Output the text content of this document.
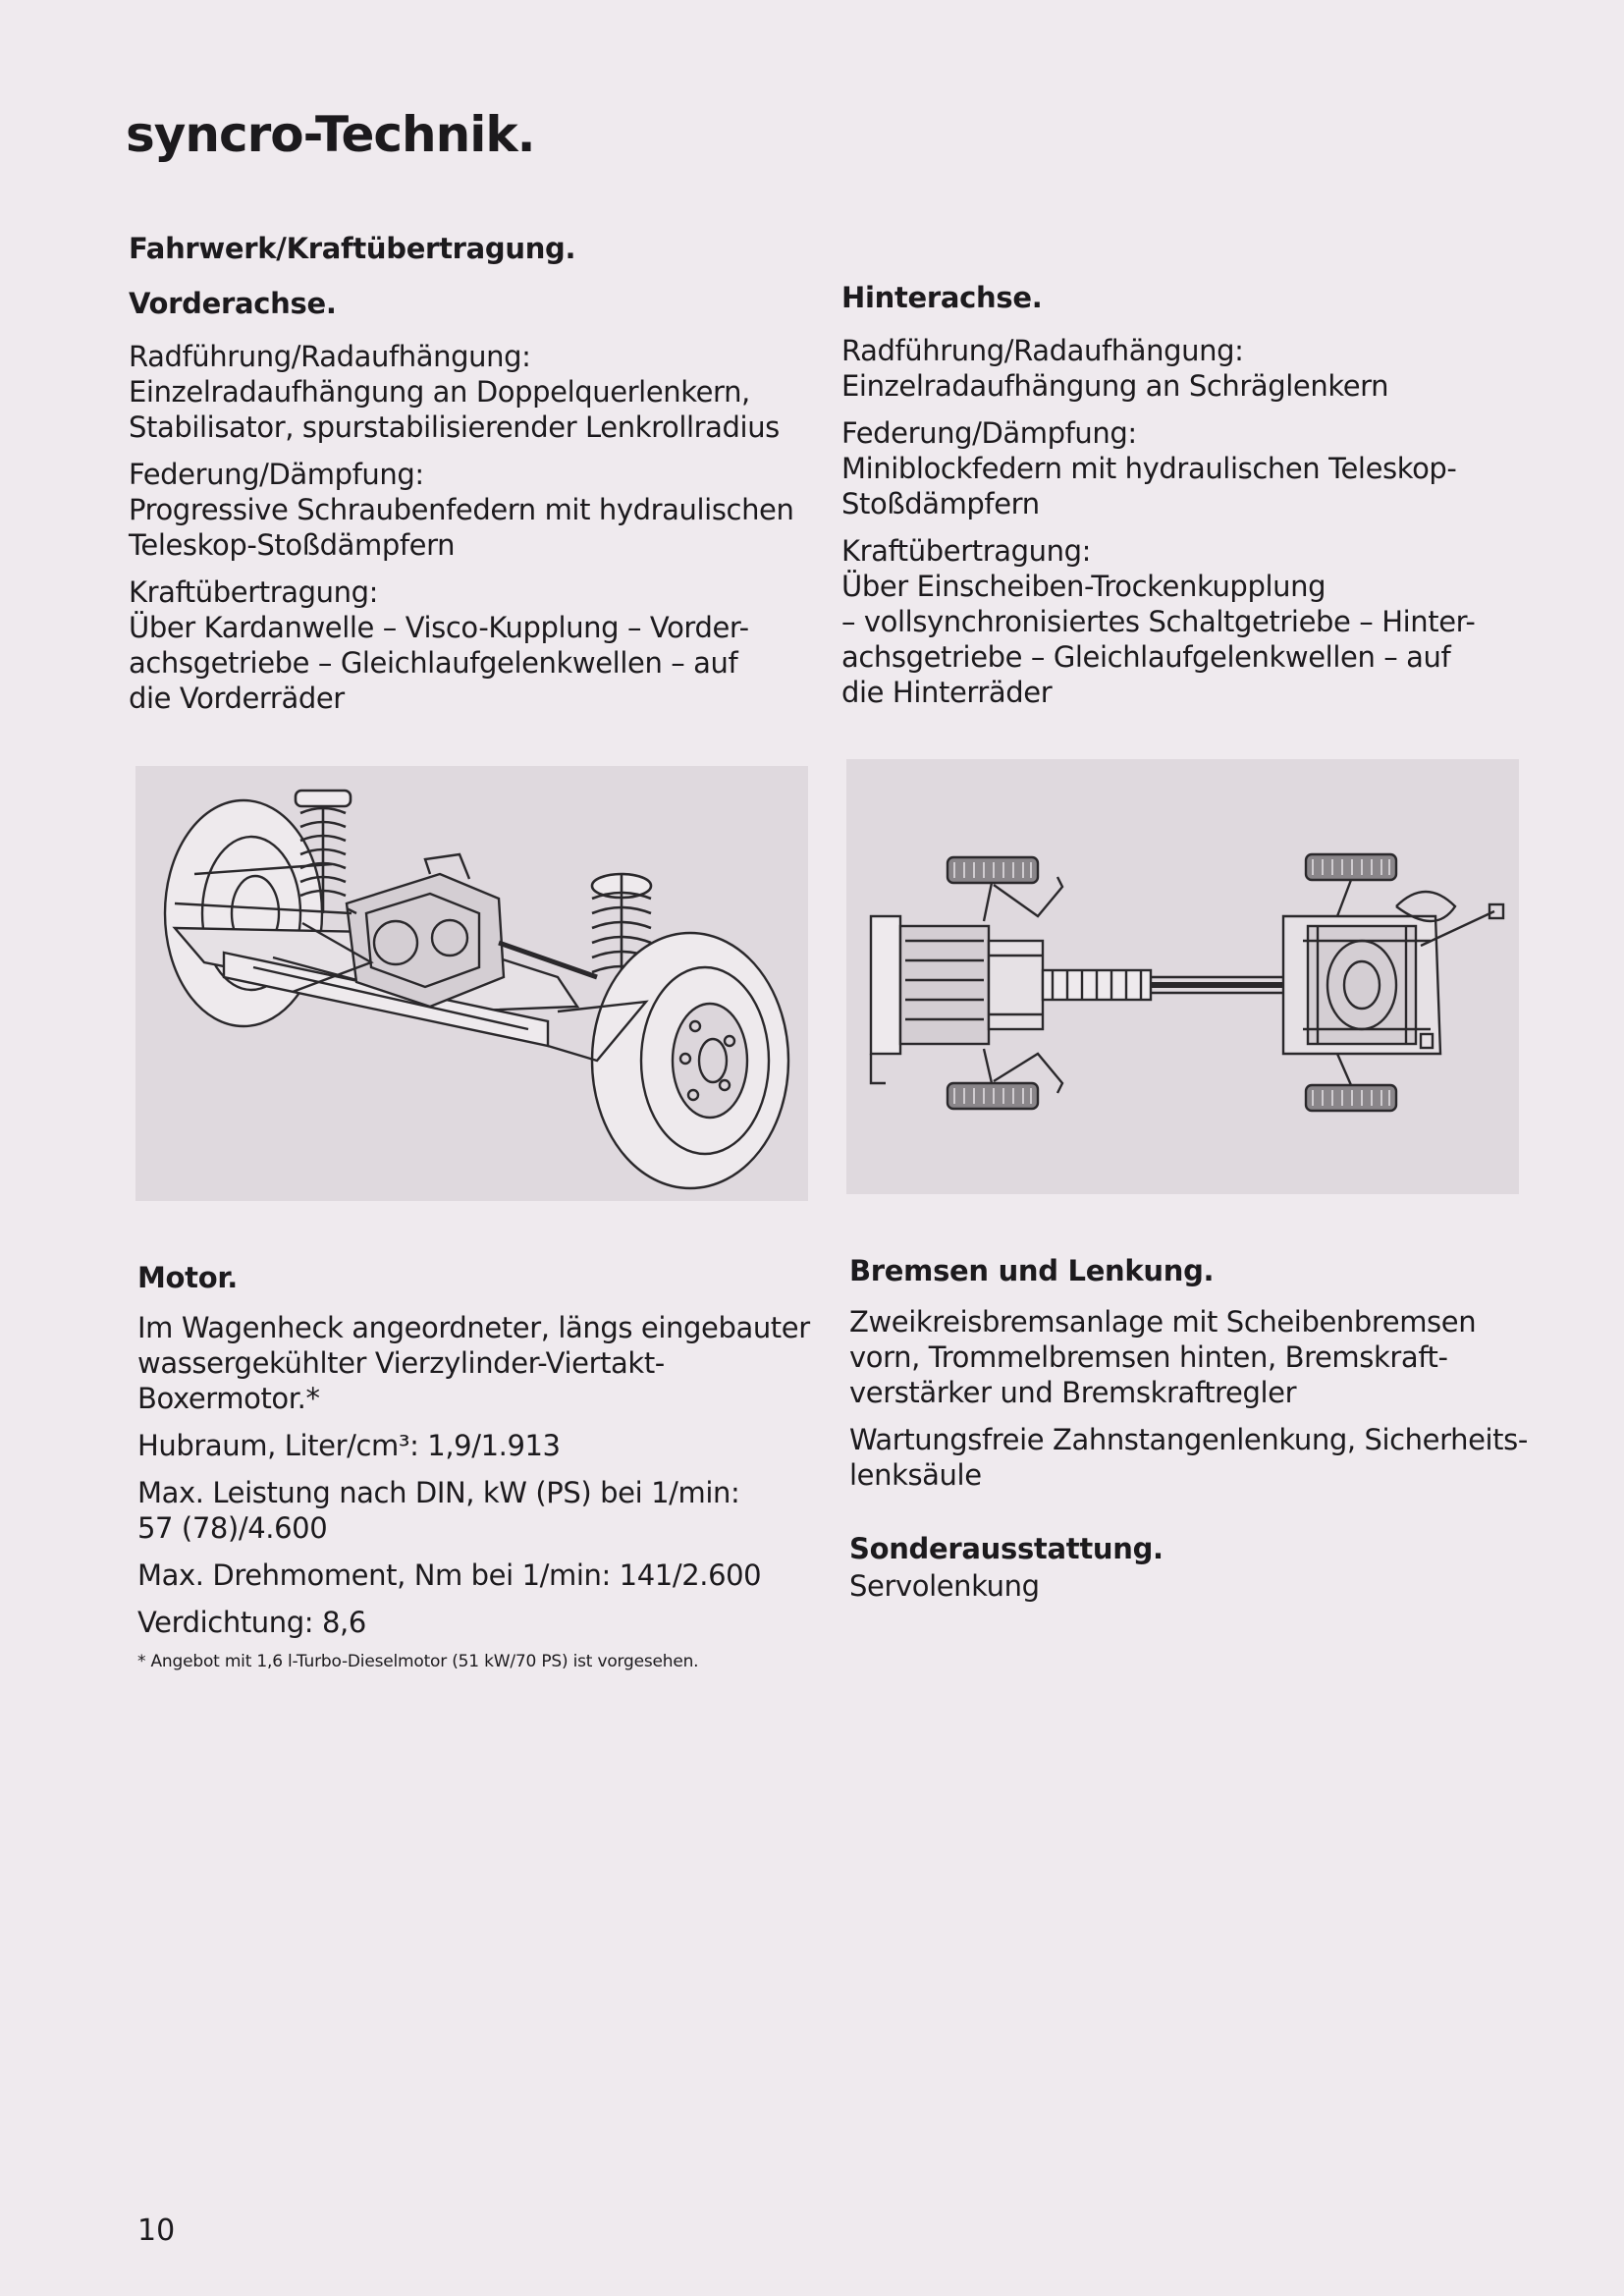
syncro-Technik.
Fahrwerk/Kraftübertragung.
Vorderachse.

Radführung/Radaufhängung:
Einzelradaufhängung an Doppelquerlenkern,
Stabilisator, spurstabilisierender Lenkrollradius

Federung/Dämpfung:
Progressive Schraubenfedern mit hydraulischen
Teleskop-Stoßdämpfern

Kraftübertragung:
Über Kardanwelle – Visco-Kupplung – Vorder-
achsgetriebe – Gleichlaufgelenkwellen – auf
die Vorderräder

Hinterachse.

Radführung/Radaufhängung:
Einzelradaufhängung an Schräglenkern

Federung/Dämpfung:
Miniblockfedern mit hydraulischen Teleskop-
Stoßdämpfern

Kraftübertragung:
Über Einscheiben-Trockenkupplung
– vollsynchronisiertes Schaltgetriebe – Hinter-
achsgetriebe – Gleichlaufgelenkwellen – auf
die Hinterräder

Motor.

Im Wagenheck angeordneter, längs eingebauter
wassergekühlter Vierzylinder-Viertakt-Boxermotor.*

Hubraum, Liter/cm³: 1,9/1.913

Max. Leistung nach DIN, kW (PS) bei 1/min:
57 (78)/4.600

Max. Drehmoment, Nm bei 1/min: 141/2.600

Verdichtung: 8,6

* Angebot mit 1,6 l-Turbo-Dieselmotor (51 kW/70 PS) ist vorgesehen.
Bremsen und Lenkung.

Zweikreisbremsanlage mit Scheibenbremsen
vorn, Trommelbremsen hinten, Bremskraft-
verstärker und Bremskraftregler

Wartungsfreie Zahnstangenlenkung, Sicherheits-
lenksäule

Sonderausstattung.

Servolenkung

10
